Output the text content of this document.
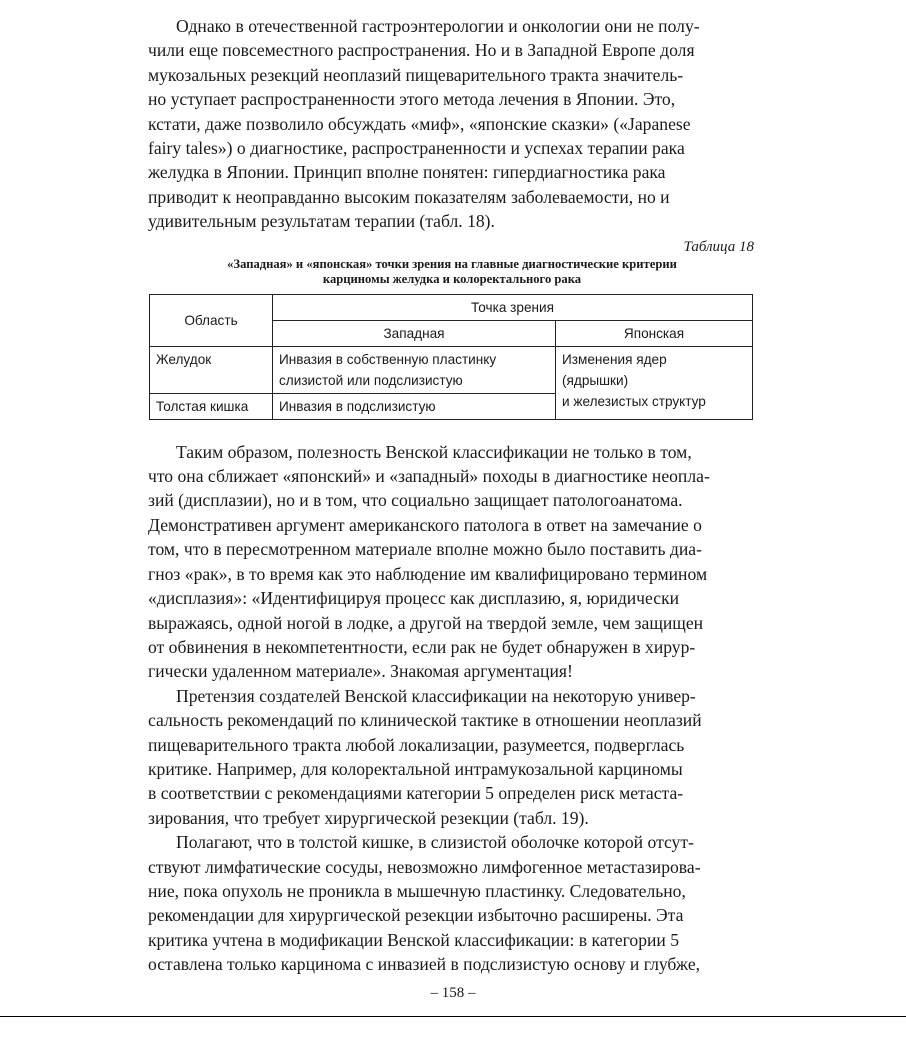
Однако в отечественной гастроэнтерологии и онкологии они не полу-

чили еще повсеместного распространения. Но и в Западной Европе доля

мукозальных резекций неоплазий пищеварительного тракта значитель-

но уступает распространенности этого метода лечения в Японии. Это,

кстати, даже позволило обсуждать «миф», «японские сказки» («Japanese

fairy tales») о диагностике, распространенности и успехах терапии рака

желудка в Японии. Принцип вполне понятен: гипердиагностика рака

приводит к неоправданно высоким показателям заболеваемости, но и

удивительным результатам терапии (табл. 18).

Таблица 18
«Западная» и «японская» точки зрения на главные диагностические критерии
карциномы желудка и колоректального рака
Область	Точка зрения	
	Западная	Японская
Желудок	Инвазия в собственную пластинку слизистой или подслизистую	Изменения ядер
(ядрышки)
и железистых структур

Толстая кишка	Инвазия в подслизистую	

Таким образом, полезность Венской классификации не только в том,

что она сближает «японский» и «западный» походы в диагностике неопла-

зий (дисплазии), но и в том, что социально защищает патологоанатома.

Демонстративен аргумент американского патолога в ответ на замечание о

том, что в пересмотренном материале вполне можно было поставить диа-

гноз «рак», в то время как это наблюдение им квалифицировано термином

«дисплазия»: «Идентифицируя процесс как дисплазию, я, юридически

выражаясь, одной ногой в лодке, а другой на твердой земле, чем защищен

от обвинения в некомпетентности, если рак не будет обнаружен в хирур-

гически удаленном материале». Знакомая аргументация!

Претензия создателей Венской классификации на некоторую универ-

сальность рекомендаций по клинической тактике в отношении неоплазий

пищеварительного тракта любой локализации, разумеется, подверглась

критике. Например, для колоректальной интрамукозальной карциномы

в соответствии с рекомендациями категории 5 определен риск метаста-

зирования, что требует хирургической резекции (табл. 19).

Полагают, что в толстой кишке, в слизистой оболочке которой отсут-

ствуют лимфатические сосуды, невозможно лимфогенное метастазирова-

ние, пока опухоль не проникла в мышечную пластинку. Следовательно,

рекомендации для хирургической резекции избыточно расширены. Эта

критика учтена в модификации Венской классификации: в категории 5

оставлена только карцинома с инвазией в подслизистую основу и глубже,

– 158 –
